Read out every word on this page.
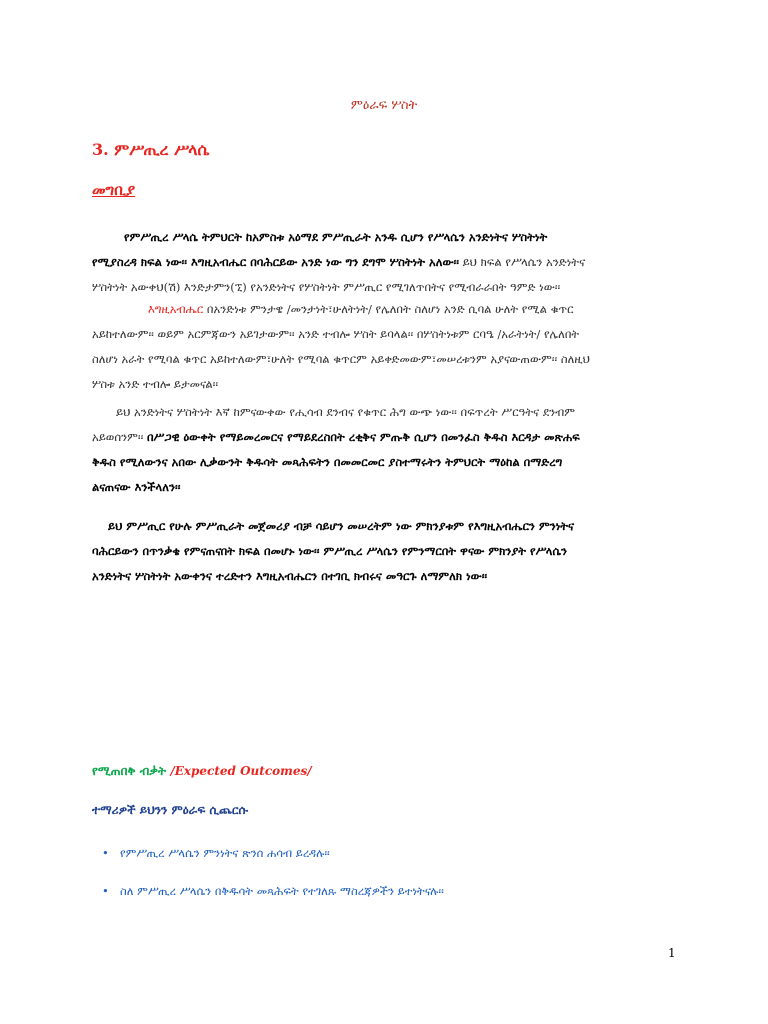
ምዕራፍ ሦስት
3. ምሥጢረ ሥላሴ
መግቢያ
የምሥጢረ ሥላሴ ትምህርት ከአምስቱ አዕማደ ምሥጢራት አንዱ ሲሆን የሥላሴን አንድነትና ሦስትነት
የሚያስረዳ ክፍል ነው፡፡ እግዚአብሔር በባሕርይው አንድ ነው ግን ደግሞ ሦስትነት አለው፡፡ ይህ ክፍል የሥላሴን አንድነትና
ሦስትነት አውቀህ(ሽ) እንድታምን(ኚ) የአንድነትና የሦስትነት ምሥጢር የሚገለጥበትና የሚብራራበት ዓምድ ነው፡፡
እግዚአብሔር በአንድነቱ ምንታዌ /መንታነት፣ሁለትነት/ የሌለበት ስለሆነ አንድ ሲባል ሁለት የሚል ቁጥር
አይከተለውም፡፡ ወይም አርምጃውን አይገታውም፡፡ አንድ ተብሎ ሦስት ይባላል፡፡ በሦስትነቱም ርባዔ /አራትነት/ የሌለበት
ስለሆነ አራት የሚባል ቁጥር አይከተለውም፣ሁለት የሚባል ቁጥርም አይቀድመውም፣መሠረቱንም አያናውጠውም፡፡ ስለዚህ
ሦስቱ አንድ ተብሎ ይታመናል፡፡
ይህ አንድነትና ሦስትነት እኛ ከምናውቀው የሒሳብ ደንብና የቁጥር ሕግ ውጭ ነው፡፡ በፍጥረት ሥርዓትና ደንብም
አይወሰንም፡፡ በሥጋዊ ዕውቀት የማይመረመርና የማይደረስበት ረቂቅና ምጡቅ ሲሆን በመንፈስ ቅዱስ እርዳታ መጽሐፍ
ቅዱስ የሚለውንና አበው ሊቃውንት ቅዱሳት መጻሕፍትን በመመርመር ያስተማሩትን ትምህርት ማዕከል በማድረግ
ልናጠናው እንችላለን፡፡
ይህ ምሥጢር የሁሉ ምሥጢራት መጀመሪያ ብቻ ሳይሆን መሠረትም ነው ምክንያቱም የእግዚአብሔርን ምንነትና
ባሕርይውን በጥንቃቄ የምናጠናበት ክፍል በመሆኑ ነው፡፡ ምሥጢረ ሥላሴን የምንማርበት ዋናው ምክንያት የሥላሴን
አንድነትና ሦስትነት አውቀንና ተረድተን እግዚአብሔርን በተገቢ ክብሩና መዓርጉ ለማምለክ ነው፡፡
የሚጠበቅ ብቃት /Expected Outcomes/
ተማሪዎች ይህንን ምዕራፍ ሲጨርሱ
• የምሥጢረ ሥላሴን ምንነትና ጽንሰ ሐሳብ ይረዳሉ፡፡
• ስለ ምሥጢረ ሥላሴን በቅዱሳት መጻሕፍት የተገለጹ ማስረጃዎችን ይተነትናሉ፡፡
1
